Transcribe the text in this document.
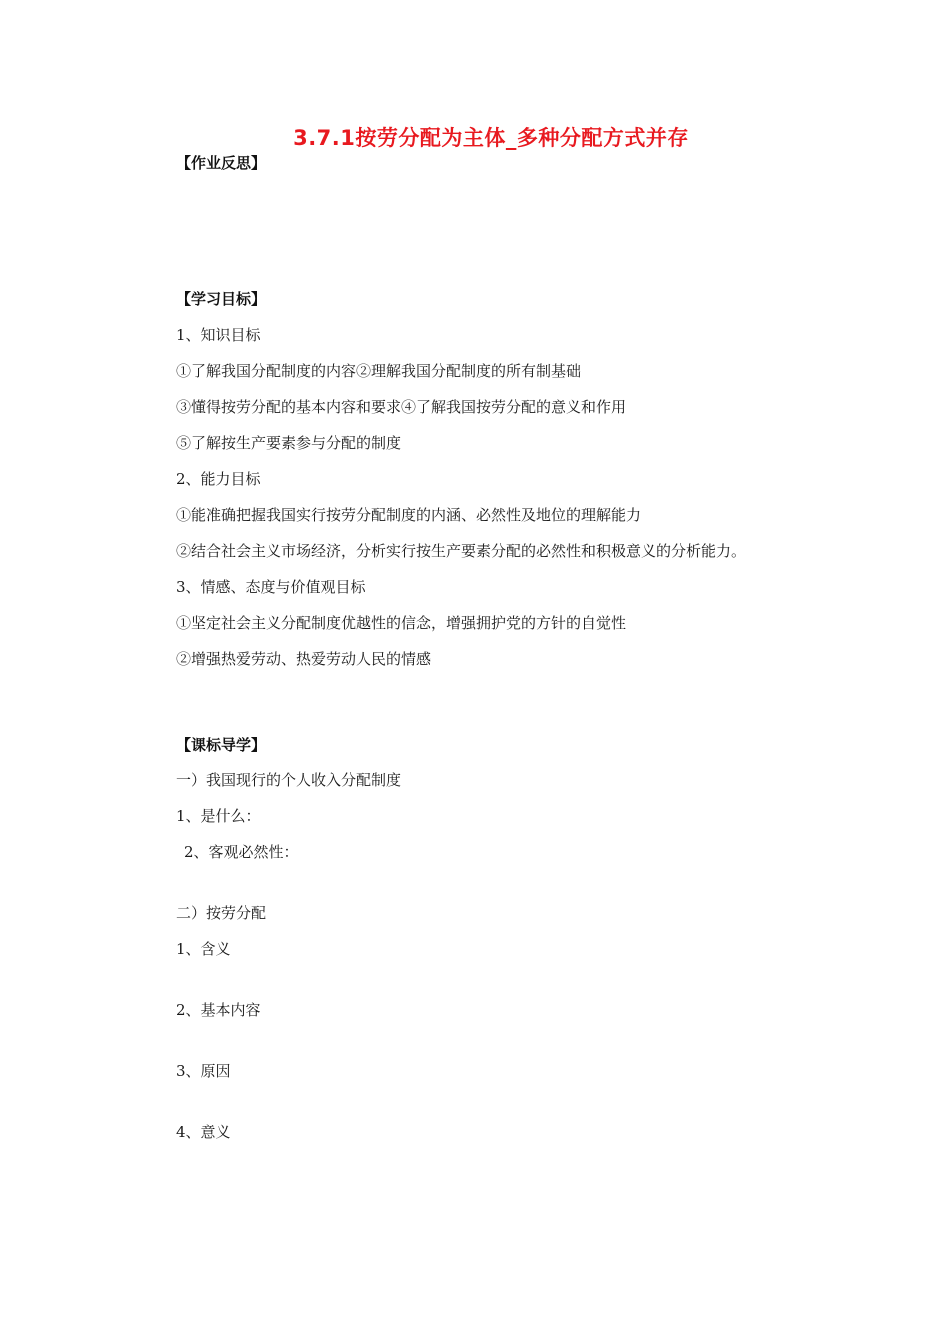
3.7.1按劳分配为主体_多种分配方式并存
【作业反思】
【学习目标】
1、知识目标
①了解我国分配制度的内容②理解我国分配制度的所有制基础
③懂得按劳分配的基本内容和要求④了解我国按劳分配的意义和作用
⑤了解按生产要素参与分配的制度
2、能力目标
①能准确把握我国实行按劳分配制度的内涵、必然性及地位的理解能力
②结合社会主义市场经济，分析实行按生产要素分配的必然性和积极意义的分析能力。
3、情感、态度与价值观目标
①坚定社会主义分配制度优越性的信念，增强拥护党的方针的自觉性
②增强热爱劳动、热爱劳动人民的情感
【课标导学】
一）我国现行的个人收入分配制度
1、是什么：
2、客观必然性：
二）按劳分配
1、含义
2、基本内容
3、原因
4、意义
